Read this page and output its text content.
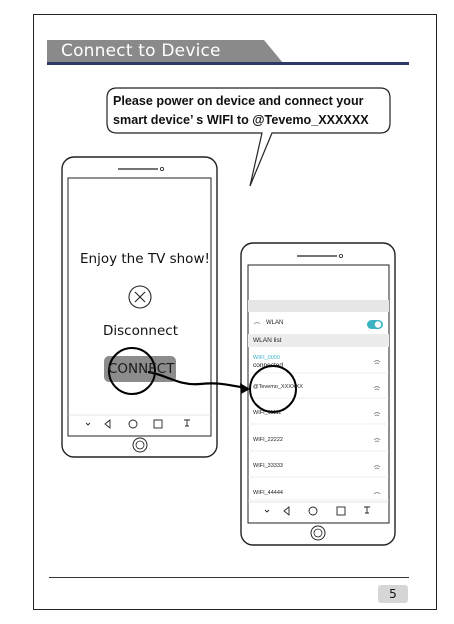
Connect to Device
Please power on device and connect your
smart device’ s WIFI to @Tevemo_XXXXXX
Enjoy the TV show!
Disconnect
CONNECT
WLAN
WLAN list
WIFI_0000
connected
@Tevemo_XXXXXX
WIFI_11111
WIFI_22222
WIFI_33333
WIFI_44444
5
